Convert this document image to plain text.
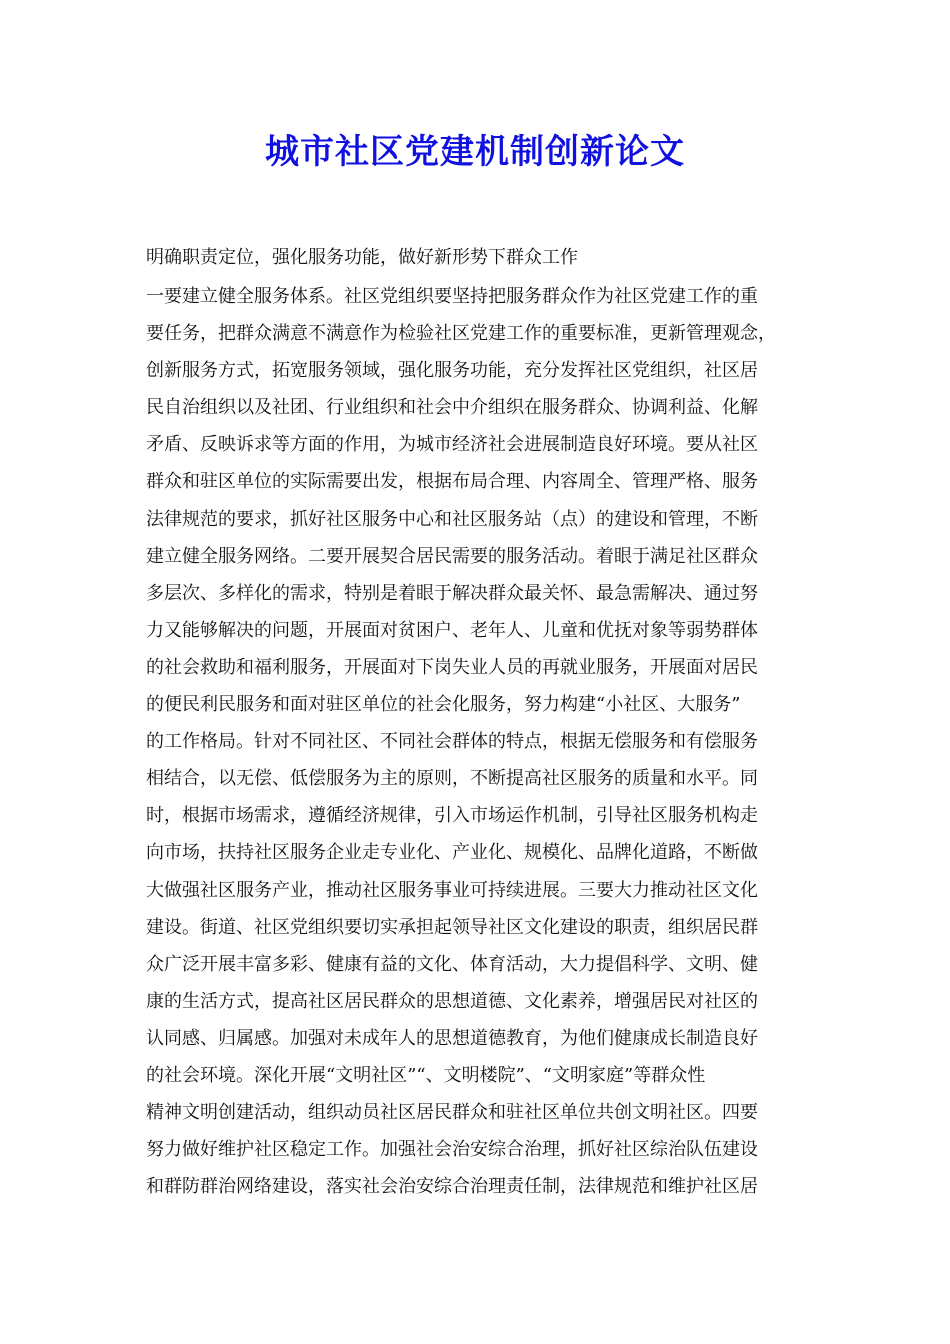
城市社区党建机制创新论文

明确职责定位，强化服务功能，做好新形势下群众工作

一要建立健全服务体系。社区党组织要坚持把服务群众作为社区党建工作的重
要任务，把群众满意不满意作为检验社区党建工作的重要标准，更新管理观念，
创新服务方式，拓宽服务领域，强化服务功能，充分发挥社区党组织，社区居
民自治组织以及社团、行业组织和社会中介组织在服务群众、协调利益、化解
矛盾、反映诉求等方面的作用，为城市经济社会进展制造良好环境。要从社区
群众和驻区单位的实际需要出发，根据布局合理、内容周全、管理严格、服务
法律规范的要求，抓好社区服务中心和社区服务站（点）的建设和管理，不断
建立健全服务网络。二要开展契合居民需要的服务活动。着眼于满足社区群众
多层次、多样化的需求，特别是着眼于解决群众最关怀、最急需解决、通过努
力又能够解决的问题，开展面对贫困户、老年人、儿童和优抚对象等弱势群体
的社会救助和福利服务，开展面对下岗失业人员的再就业服务，开展面对居民
的便民利民服务和面对驻区单位的社会化服务，努力构建“小社区、大服务”
的工作格局。针对不同社区、不同社会群体的特点，根据无偿服务和有偿服务
相结合，以无偿、低偿服务为主的原则，不断提高社区服务的质量和水平。同
时，根据市场需求，遵循经济规律，引入市场运作机制，引导社区服务机构走
向市场，扶持社区服务企业走专业化、产业化、规模化、品牌化道路，不断做
大做强社区服务产业，推动社区服务事业可持续进展。三要大力推动社区文化
建设。街道、社区党组织要切实承担起领导社区文化建设的职责，组织居民群
众广泛开展丰富多彩、健康有益的文化、体育活动，大力提倡科学、文明、健
康的生活方式，提高社区居民群众的思想道德、文化素养，增强居民对社区的
认同感、归属感。加强对未成年人的思想道德教育，为他们健康成长制造良好
的社会环境。深化开展“文明社区”“、文明楼院”、“文明家庭”等群众性
精神文明创建活动，组织动员社区居民群众和驻社区单位共创文明社区。四要
努力做好维护社区稳定工作。加强社会治安综合治理，抓好社区综治队伍建设
和群防群治网络建设，落实社会治安综合治理责任制，法律规范和维护社区居
